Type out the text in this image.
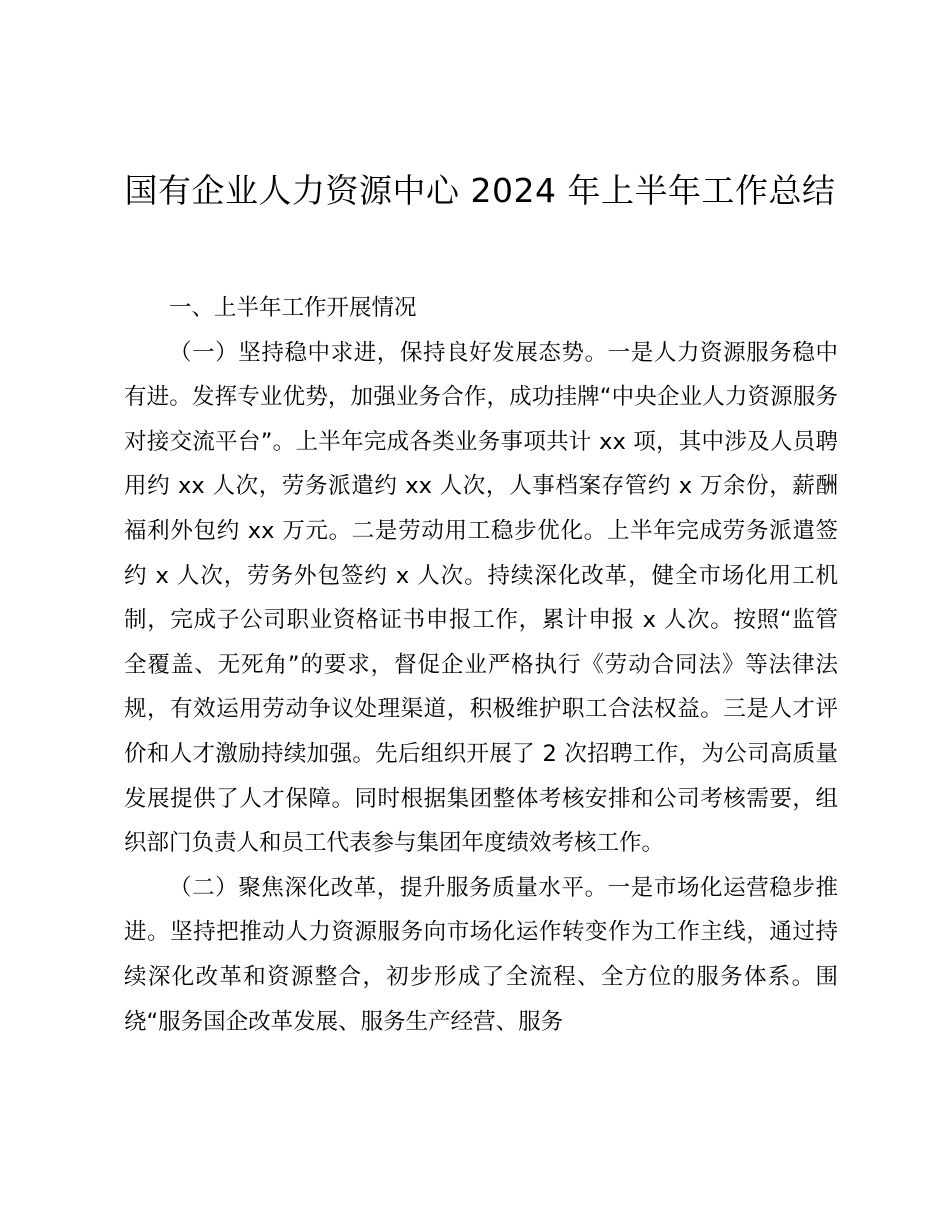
国有企业人力资源中心 2024 年上半年工作总结

一、上半年工作开展情况

（一）坚持稳中求进，保持良好发展态势。一是人力资源服务稳中有进。发挥专业优势，加强业务合作，成功挂牌“中央企业人力资源服务对接交流平台”。上半年完成各类业务事项共计 xx 项，其中涉及人员聘用约 xx 人次，劳务派遣约 xx 人次，人事档案存管约 x 万余份，薪酬福利外包约 xx 万元。二是劳动用工稳步优化。上半年完成劳务派遣签约 x 人次，劳务外包签约 x 人次。持续深化改革，健全市场化用工机制，完成子公司职业资格证书申报工作，累计申报 x 人次。按照“监管全覆盖、无死角”的要求，督促企业严格执行《劳动合同法》等法律法规，有效运用劳动争议处理渠道，积极维护职工合法权益。三是人才评价和人才激励持续加强。先后组织开展了 2 次招聘工作，为公司高质量发展提供了人才保障。同时根据集团整体考核安排和公司考核需要，组织部门负责人和员工代表参与集团年度绩效考核工作。

（二）聚焦深化改革，提升服务质量水平。一是市场化运营稳步推进。坚持把推动人力资源服务向市场化运作转变作为工作主线，通过持续深化改革和资源整合，初步形成了全流程、全方位的服务体系。围绕“服务国企改革发展、服务生产经营、服务
